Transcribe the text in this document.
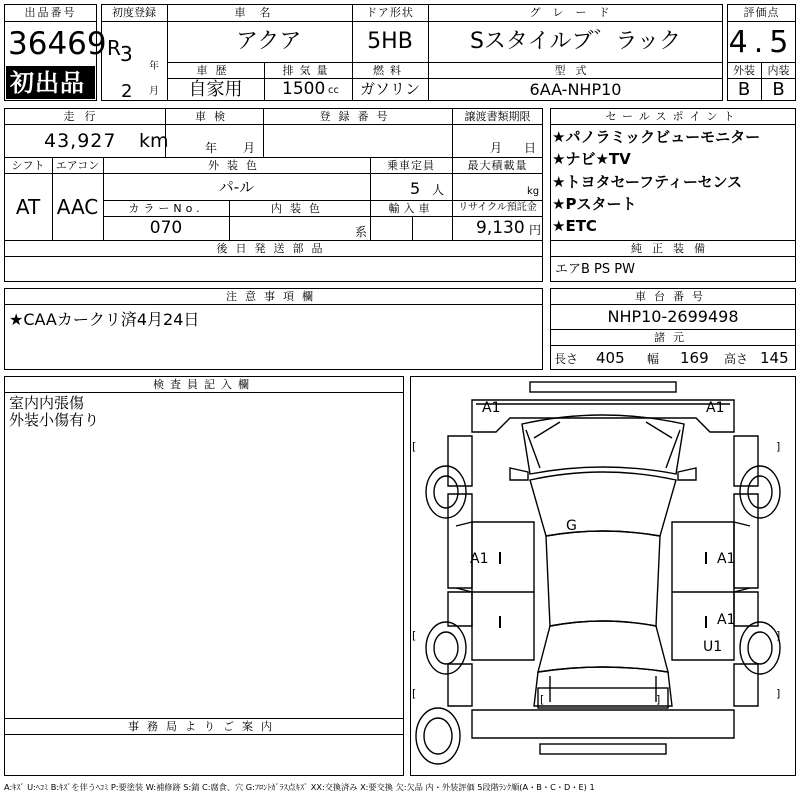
出品番号
36469
初出品
初度登録
R 3
年
2 月
車名
アクア
ドア形状
5HB
グレード
Sスタイルブ゛ラック
車歴
自家用
排気量
1500 cc
燃料
ガソリン
型式
6AA-NHP10
評価点
4.5
外装	内装
B	B
走行
43,927 km
車検
年 月
登録番号	譲渡書類期限
月 日
シフト
AT
エアコン
AAC
外装色
パ-ル
乗車定員
5 人
最大積載量
kg
カラーNo.
070
内装色
系
輸入車	リサイクル預託金
9,130 円
後日発送部品
セールスポイント
★パノラミックビューモニター
★ナビ★TV
★トヨタセーフティーセンス
★Pスタート
★ETC
純正装備
エアB PS PW
注意事項欄
★CAAカークリ済4月24日
車台番号
NHP10-2699498
諸元
長さ 405 幅 169 高さ 145
検査員記入欄
室内内張傷
外装小傷有り
事務局よりご案内
A1	A1
G
A1	A1
A1
U1
[	]
[	]
[	]
[	]
A:ｷｽﾞ U:ﾍｺﾐ B:ｷｽﾞを伴うﾍｺﾐ P:要塗装 W:補修跡 S:錆 C:腐食、穴 G:ﾌﾛﾝﾄｶﾞﾗｽ点ｷｽﾞ XX:交換済み X:要交換 欠:欠品 内・外装評価 5段階ﾗﾝｸ順(A・B・C・D・E) 1
